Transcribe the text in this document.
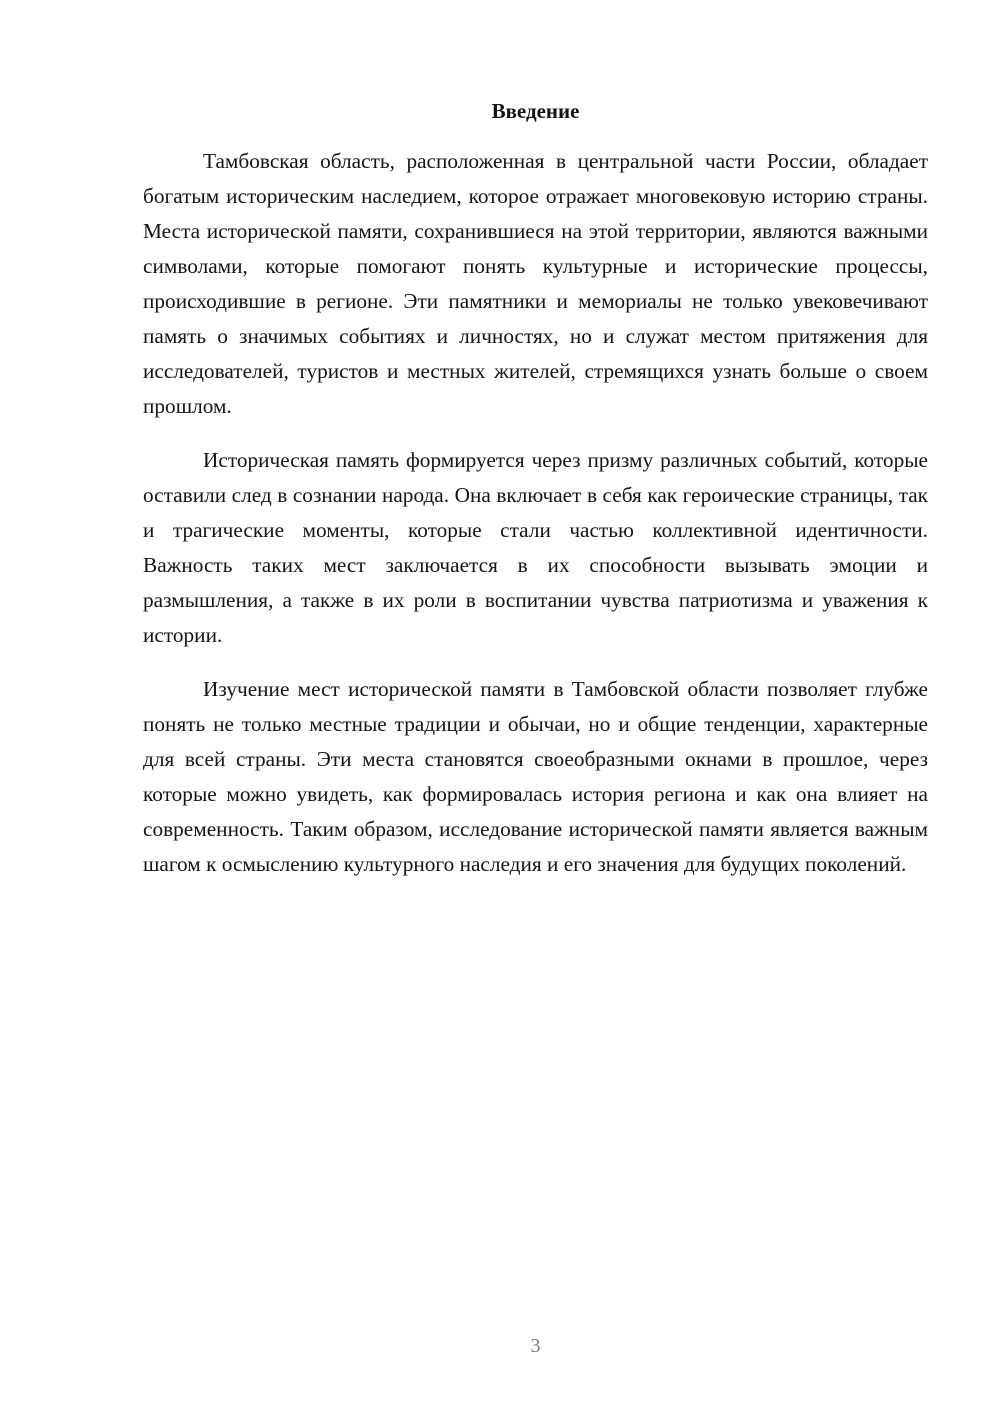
Введение

Тамбовская область, расположенная в центральной части России, обладает богатым историческим наследием, которое отражает многовековую историю страны. Места исторической памяти, сохранившиеся на этой территории, являются важными символами, которые помогают понять культурные и исторические процессы, происходившие в регионе. Эти памятники и мемориалы не только увековечивают память о значимых событиях и личностях, но и служат местом притяжения для исследователей, туристов и местных жителей, стремящихся узнать больше о своем прошлом.

Историческая память формируется через призму различных событий, которые оставили след в сознании народа. Она включает в себя как героические страницы, так и трагические моменты, которые стали частью коллективной идентичности. Важность таких мест заключается в их способности вызывать эмоции и размышления, а также в их роли в воспитании чувства патриотизма и уважения к истории.

Изучение мест исторической памяти в Тамбовской области позволяет глубже понять не только местные традиции и обычаи, но и общие тенденции, характерные для всей страны. Эти места становятся своеобразными окнами в прошлое, через которые можно увидеть, как формировалась история региона и как она влияет на современность. Таким образом, исследование исторической памяти является важным шагом к осмыслению культурного наследия и его значения для будущих поколений.

3
